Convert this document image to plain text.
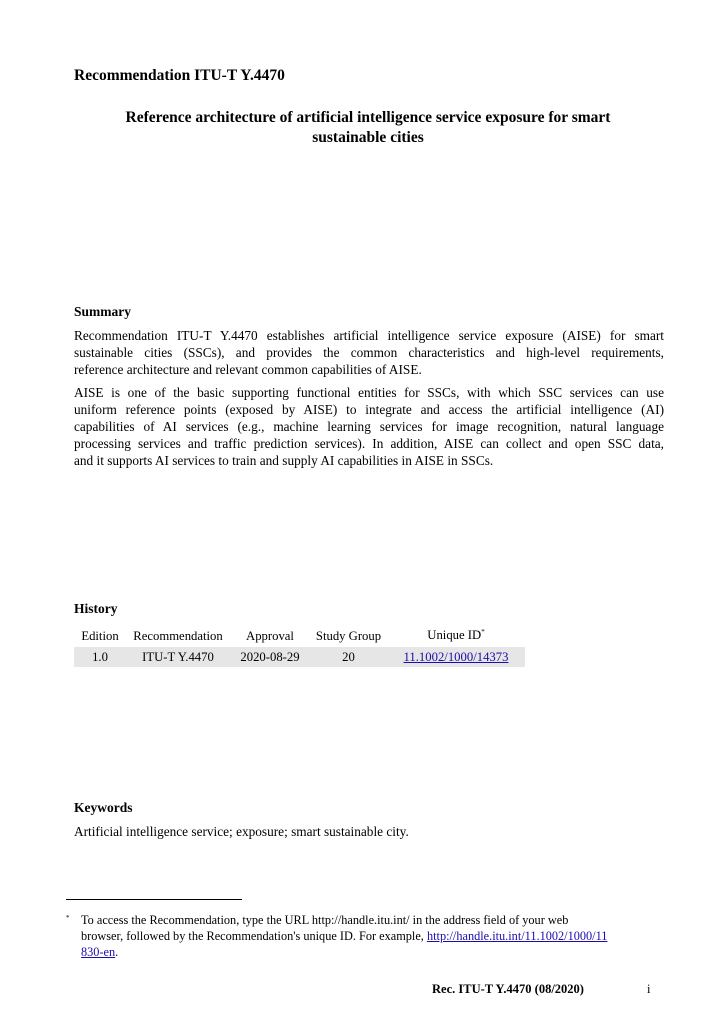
Recommendation ITU-T Y.4470
Reference architecture of artificial intelligence service exposure for smart
sustainable cities
Summary
Recommendation ITU-T Y.4470 establishes artificial intelligence service exposure (AISE) for smart
sustainable cities (SSCs), and provides the common characteristics and high-level requirements,
reference architecture and relevant common capabilities of AISE.
AISE is one of the basic supporting functional entities for SSCs, with which SSC services can use
uniform reference points (exposed by AISE) to integrate and access the artificial intelligence (AI)
capabilities of AI services (e.g., machine learning services for image recognition, natural language
processing services and traffic prediction services). In addition, AISE can collect and open SSC data,
and it supports AI services to train and supply AI capabilities in AISE in SSCs.
History
Edition	Recommendation	Approval	Study Group	Unique ID*
1.0	ITU-T Y.4470	2020-08-29	20	11.1002/1000/14373
Keywords
Artificial intelligence service; exposure; smart sustainable city.
* To access the Recommendation, type the URL http://handle.itu.int/ in the address field of your web
browser, followed by the Recommendation's unique ID. For example, http://handle.itu.int/11.1002/1000/11
830-en.
Rec. ITU-T Y.4470 (08/2020)	i
